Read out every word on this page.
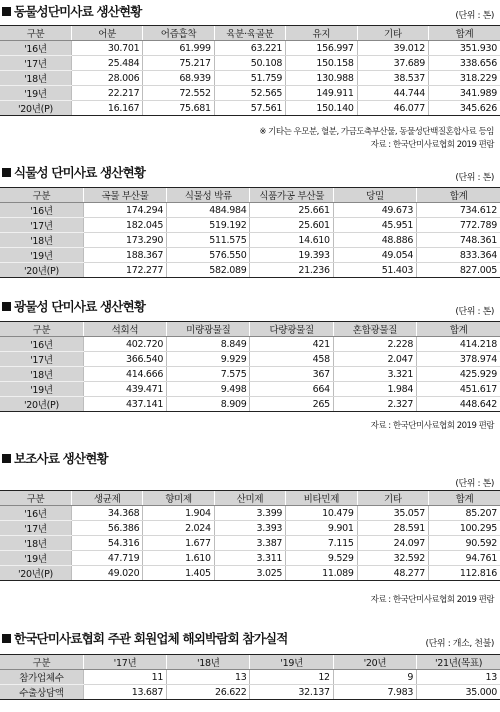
동물성단미사료 생산현황	(단위 : 톤)
구분	어분	어즙흡착	육분·육골분	유지	기타	합계
'16년	30.701	61.999	63.221	156.997	39.012	351.930
'17년	25.484	75.217	50.108	150.158	37.689	338.656
'18년	28.006	68.939	51.759	130.988	38.537	318.229
'19년	22.217	72.552	52.565	149.911	44.744	341.989
'20년(P)	16.167	75.681	57.561	150.140	46.077	345.626
※ 기타는 우모분, 혈분, 가금도축부산물, 동물성단백질혼합사료 등임
자료 : 한국단미사료협회 2019 편람
식물성 단미사료 생산현황	(단위 : 톤)
구분	곡물 부산물	식물성 박류	식품가공 부산물	당밀	합계
'16년	174.294	484.984	25.661	49.673	734.612
'17년	182.045	519.192	25.601	45.951	772.789
'18년	173.290	511.575	14.610	48.886	748.361
'19년	188.367	576.550	19.393	49.054	833.364
'20년(P)	172.277	582.089	21.236	51.403	827.005
광물성 단미사료 생산현황	(단위 : 톤)
구분	석회석	미량광물질	다량광물질	혼합광물질	합계
'16년	402.720	8.849	421	2.228	414.218
'17년	366.540	9.929	458	2.047	378.974
'18년	414.666	7.575	367	3.321	425.929
'19년	439.471	9.498	664	1.984	451.617
'20년(P)	437.141	8.909	265	2.327	448.642
자료 : 한국단미사료협회 2019 편람
보조사료 생산현황
(단위 : 톤)
구분	생균제	향미제	산미제	비타민제	기타	합계
'16년	34.368	1.904	3.399	10.479	35.057	85.207
'17년	56.386	2.024	3.393	9.901	28.591	100.295
'18년	54.316	1.677	3.387	7.115	24.097	90.592
'19년	47.719	1.610	3.311	9.529	32.592	94.761
'20년(P)	49.020	1.405	3.025	11.089	48.277	112.816
자료 : 한국단미사료협회 2019 편람
한국단미사료협회 주관 회원업체 해외박람회 참가실적	(단위 : 개소, 천불)
구분	'17년	'18년	'19년	'20년	'21년(목표)
참가업체수	11	13	12	9	13
수출상담액	13.687	26.622	32.137	7.983	35.000
